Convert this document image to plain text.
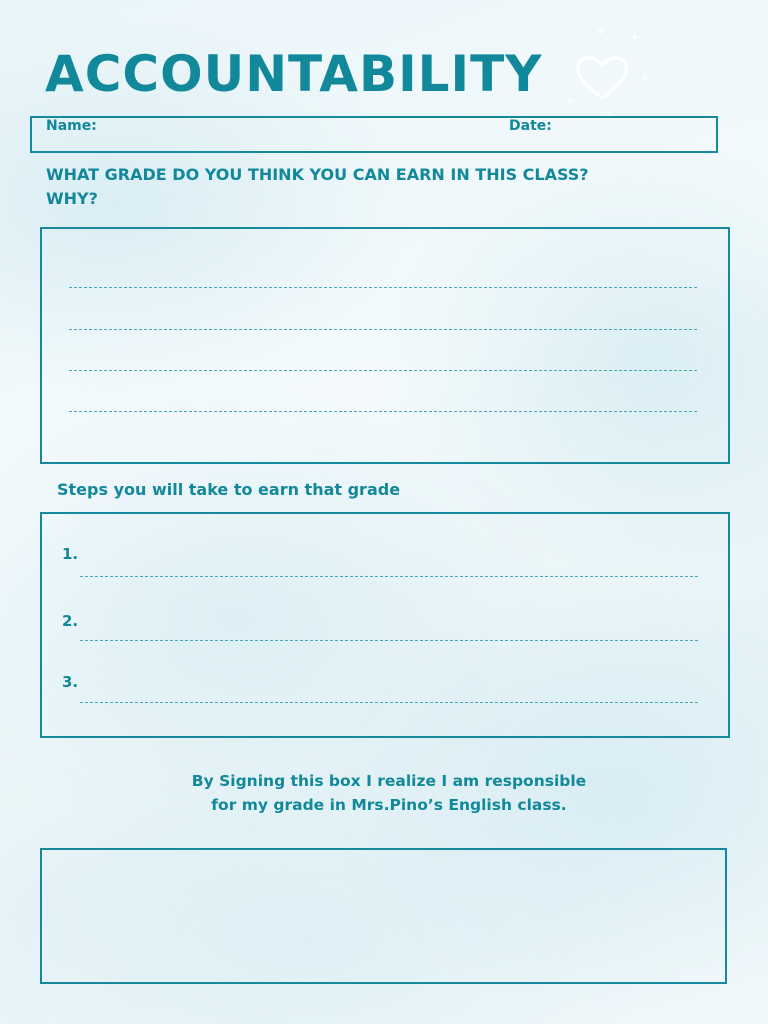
ACCOUNTABILITY
Name:	Date:
WHAT GRADE DO YOU THINK YOU CAN EARN IN THIS CLASS?
WHY?
Steps you will take to earn that grade
1.
2.
3.
By Signing this box I realize I am responsible
for my grade in Mrs.Pino’s English class.
